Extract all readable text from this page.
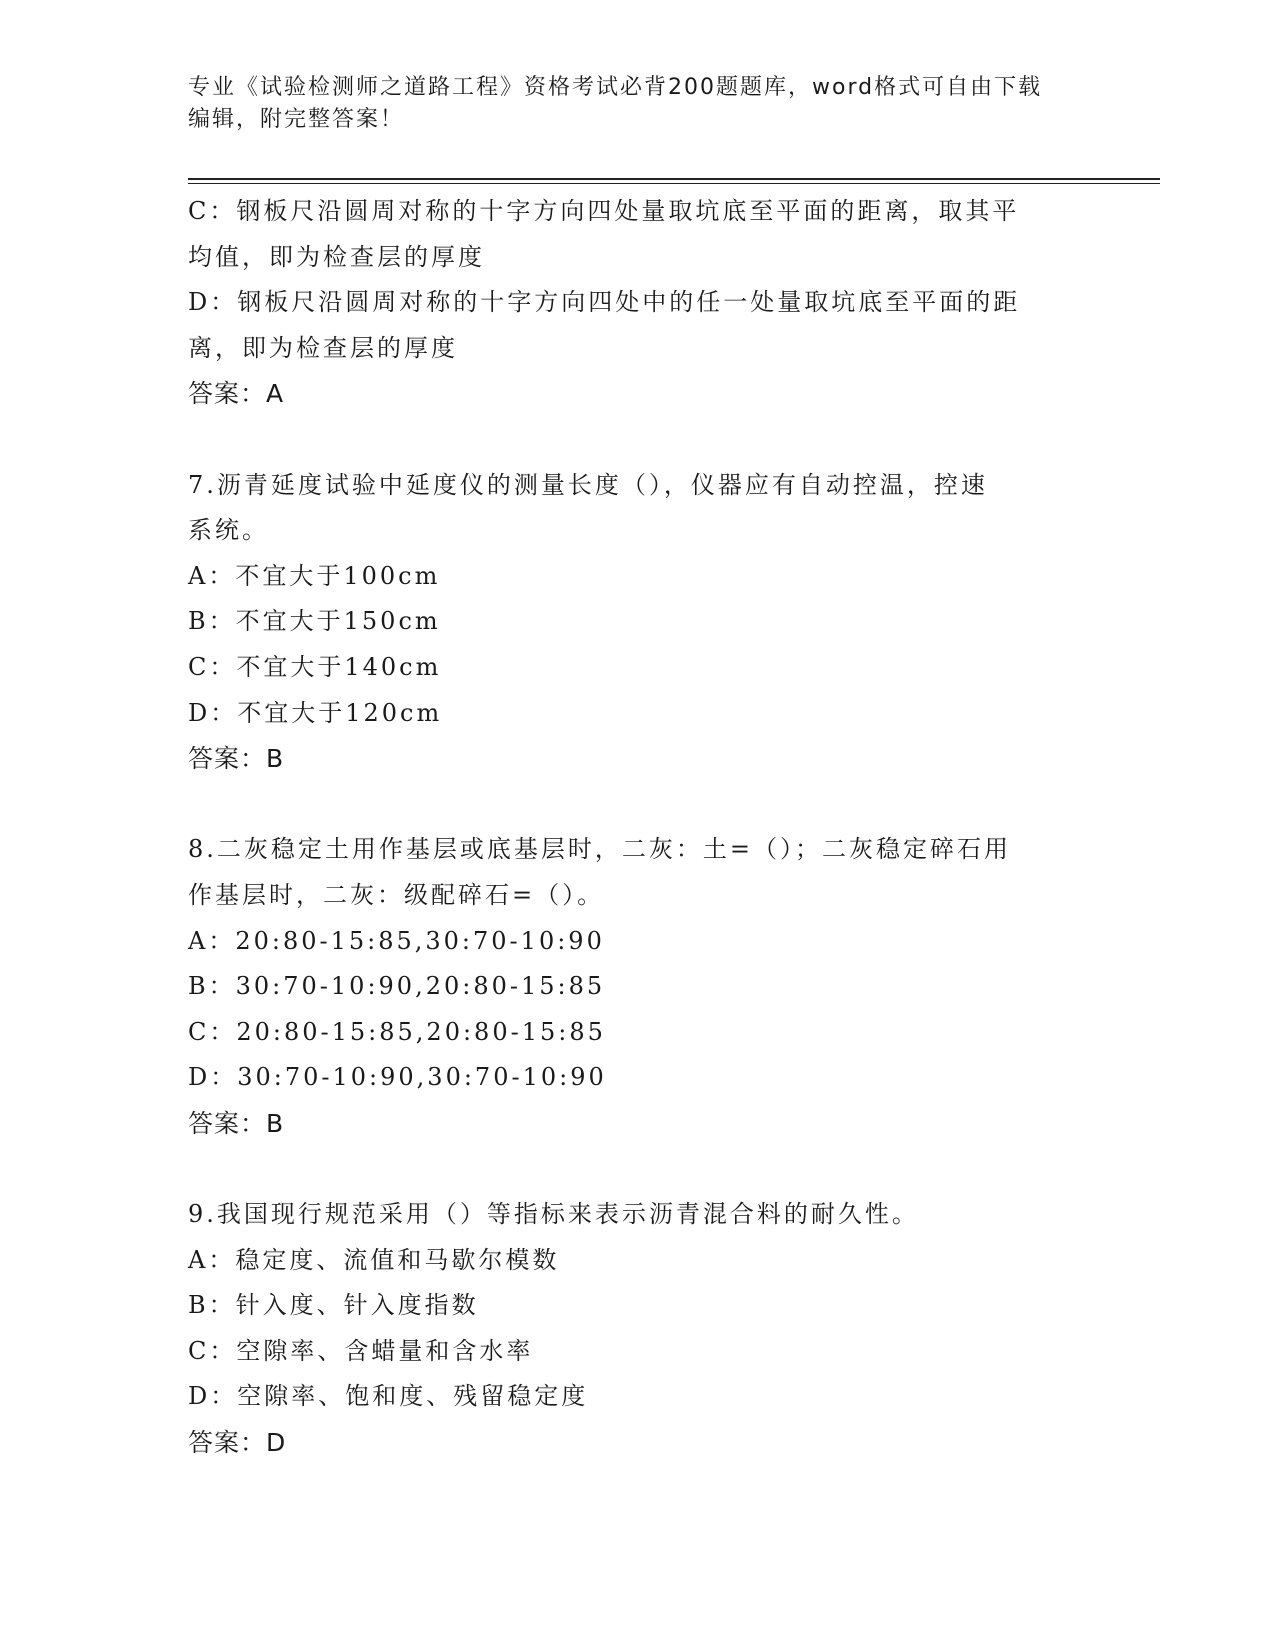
专业《试验检测师之道路工程》资格考试必背200题题库，word格式可自由下载
编辑，附完整答案！
C：钢板尺沿圆周对称的十字方向四处量取坑底至平面的距离，取其平
均值，即为检查层的厚度
D：钢板尺沿圆周对称的十字方向四处中的任一处量取坑底至平面的距
离，即为检查层的厚度
答案：A
7.沥青延度试验中延度仪的测量长度（），仪器应有自动控温，控速
系统。
A：不宜大于100cm
B：不宜大于150cm
C：不宜大于140cm
D：不宜大于120cm
答案：B
8.二灰稳定土用作基层或底基层时，二灰：土=（）；二灰稳定碎石用
作基层时，二灰：级配碎石=（）。
A：20:80-15:85,30:70-10:90
B：30:70-10:90,20:80-15:85
C：20:80-15:85,20:80-15:85
D：30:70-10:90,30:70-10:90
答案：B
9.我国现行规范采用（）等指标来表示沥青混合料的耐久性。
A：稳定度、流值和马歇尔模数
B：针入度、针入度指数
C：空隙率、含蜡量和含水率
D：空隙率、饱和度、残留稳定度
答案：D
